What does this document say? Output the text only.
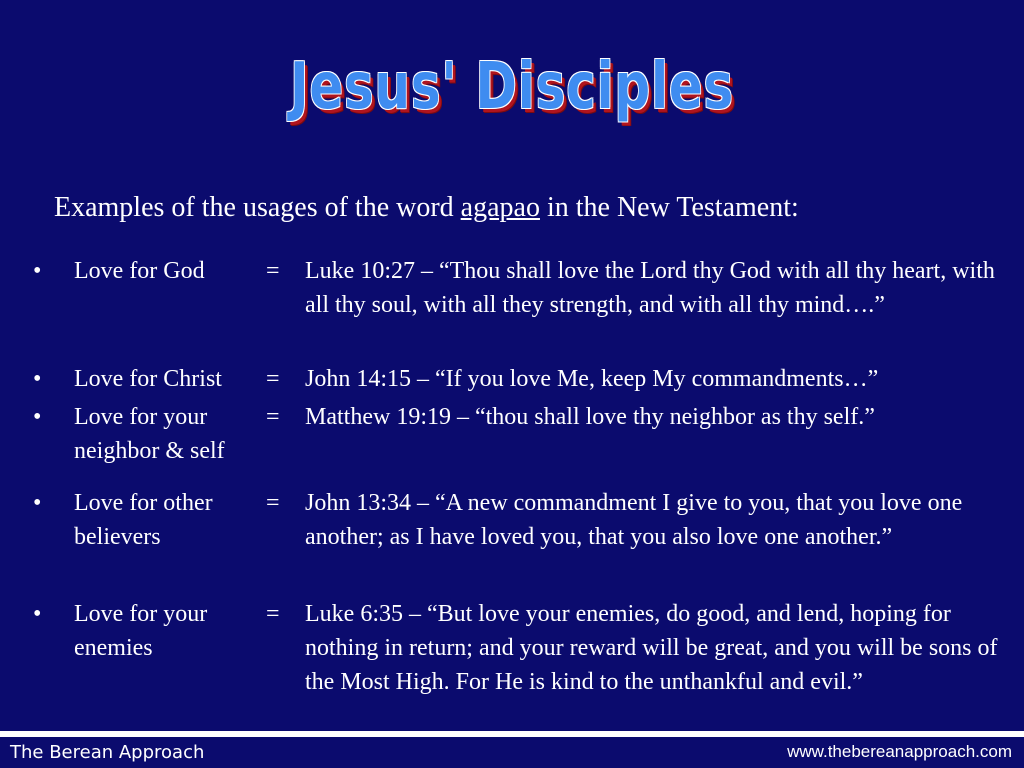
Jesus' Disciples
Examples of the usages of the word agapao in the New Testament:
• Love for God	= Luke 10:27 – “Thou shall love the Lord thy God with all thy heart, with all thy soul, with all they strength, and with all thy mind….”
• Love for Christ	= John 14:15 – “If you love Me, keep My commandments…”
• Love for your neighbor & self
= Matthew 19:19 – “thou shall love thy neighbor as thy self.”
• Love for other believers
= John 13:34 – “A new commandment I give to you, that you love one another; as I have loved you, that you also love one another.”
• Love for your enemies
= Luke 6:35 – “But love your enemies, do good, and lend, hoping for nothing in return; and your reward will be great, and you will be sons of the Most High. For He is kind to the unthankful and evil.”
The Berean Approach	www.thebereanapproach.com
